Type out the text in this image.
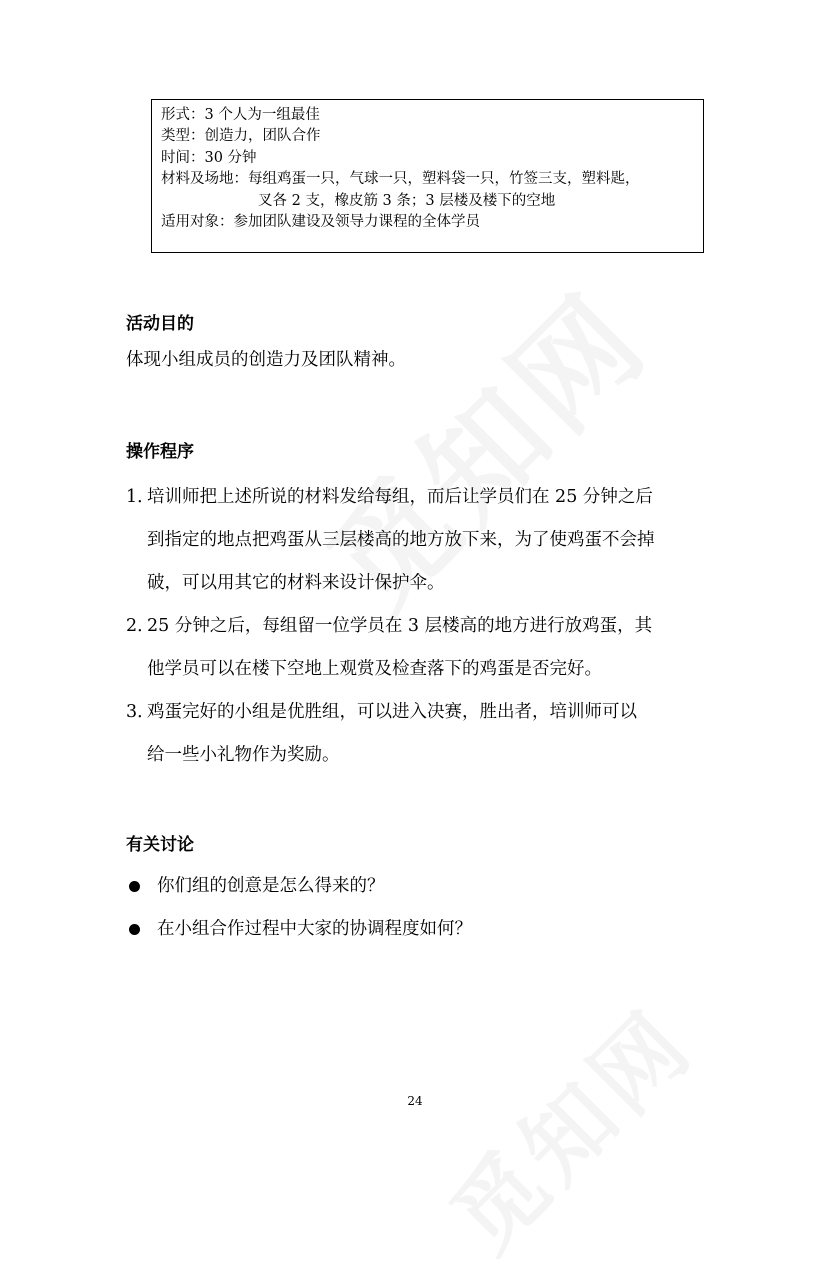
形式：3 个人为一组最佳
类型：创造力，团队合作
时间：30 分钟
材料及场地：每组鸡蛋一只，气球一只，塑料袋一只，竹签三支，塑料匙，
叉各 2 支，橡皮筋 3 条；3 层楼及楼下的空地
适用对象：参加团队建设及领导力课程的全体学员
活动目的
体现小组成员的创造力及团队精神。
操作程序
1．
培训师把上述所说的材料发给每组，而后让学员们在 25 分钟之后
到指定的地点把鸡蛋从三层楼高的地方放下来，为了使鸡蛋不会掉
破，可以用其它的材料来设计保护伞。
2．
25 分钟之后，每组留一位学员在 3 层楼高的地方进行放鸡蛋，其
他学员可以在楼下空地上观赏及检查落下的鸡蛋是否完好。
3．
鸡蛋完好的小组是优胜组，可以进入决赛，胜出者，培训师可以
给一些小礼物作为奖励。
有关讨论
你们组的创意是怎么得来的？
在小组合作过程中大家的协调程度如何？
24
